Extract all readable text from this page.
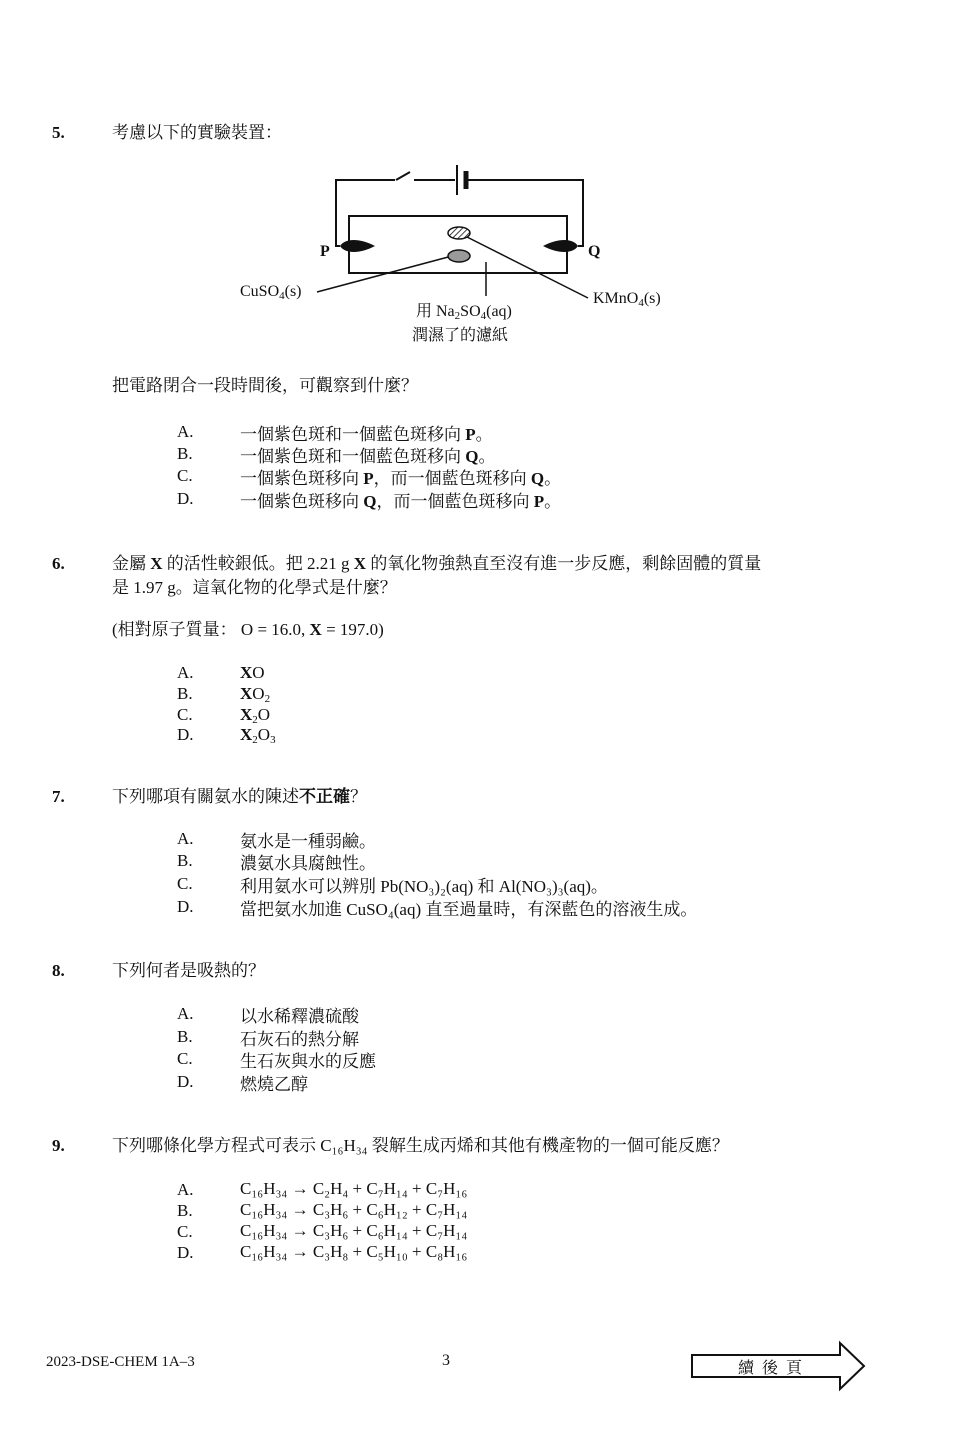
5.	考慮以下的實驗裝置：
P	Q
CuSO$_4$(s)
用 $Na_2SO_4(aq)$
潤濕了的濾紙
KMnO$_4$(s)
把電路閉合一段時間後，可觀察到什麼？
A.	一個紫色斑和一個藍色斑移向 P。
B.	一個紫色斑和一個藍色斑移向 Q。
C.	一個紫色斑移向 P，而一個藍色斑移向 Q。
D.	一個紫色斑移向 Q，而一個藍色斑移向 P。
6.	金屬 X 的活性較銀低。把 2.21 g X 的氧化物強熱直至沒有進一步反應，剩餘固體的質量
是 1.97 g。這氧化物的化學式是什麼？
(相對原子質量： O = 16.0, X = 197.0)
A.	XO
B.	$XO_2$
C.	$X_2O$
D.	$X_2O_3$
7.	下列哪項有關氨水的陳述不正確？
A.	氨水是一種弱鹼。
B.	濃氨水具腐蝕性。
C.	利用氨水可以辨別 Pb(NO₃)₂(aq) 和 Al(NO₃)₃(aq)。
D.	當把氨水加進 CuSO₄(aq) 直至過量時，有深藍色的溶液生成。
8.	下列何者是吸熱的？
A.	以水稀釋濃硫酸
B.	石灰石的熱分解
C.	生石灰與水的反應
D.	燃燒乙醇
9.	下列哪條化學方程式可表示 C₁₆H₃₄ 裂解生成丙烯和其他有機產物的一個可能反應？
A.	C₁₆H₃₄ → C₂H₄ + C₇H₁₄ + C₇H₁₆
B.	C₁₆H₃₄ → C₃H₆ + C₆H₁₂ + C₇H₁₄
C.	C₁₆H₃₄ → C₃H₆ + C₆H₁₄ + C₇H₁₄
D.	C₁₆H₃₄ → C₃H₈ + C₅H₁₀ + C₈H₁₆
2023-DSE-CHEM 1A–3	3	續 後 頁
